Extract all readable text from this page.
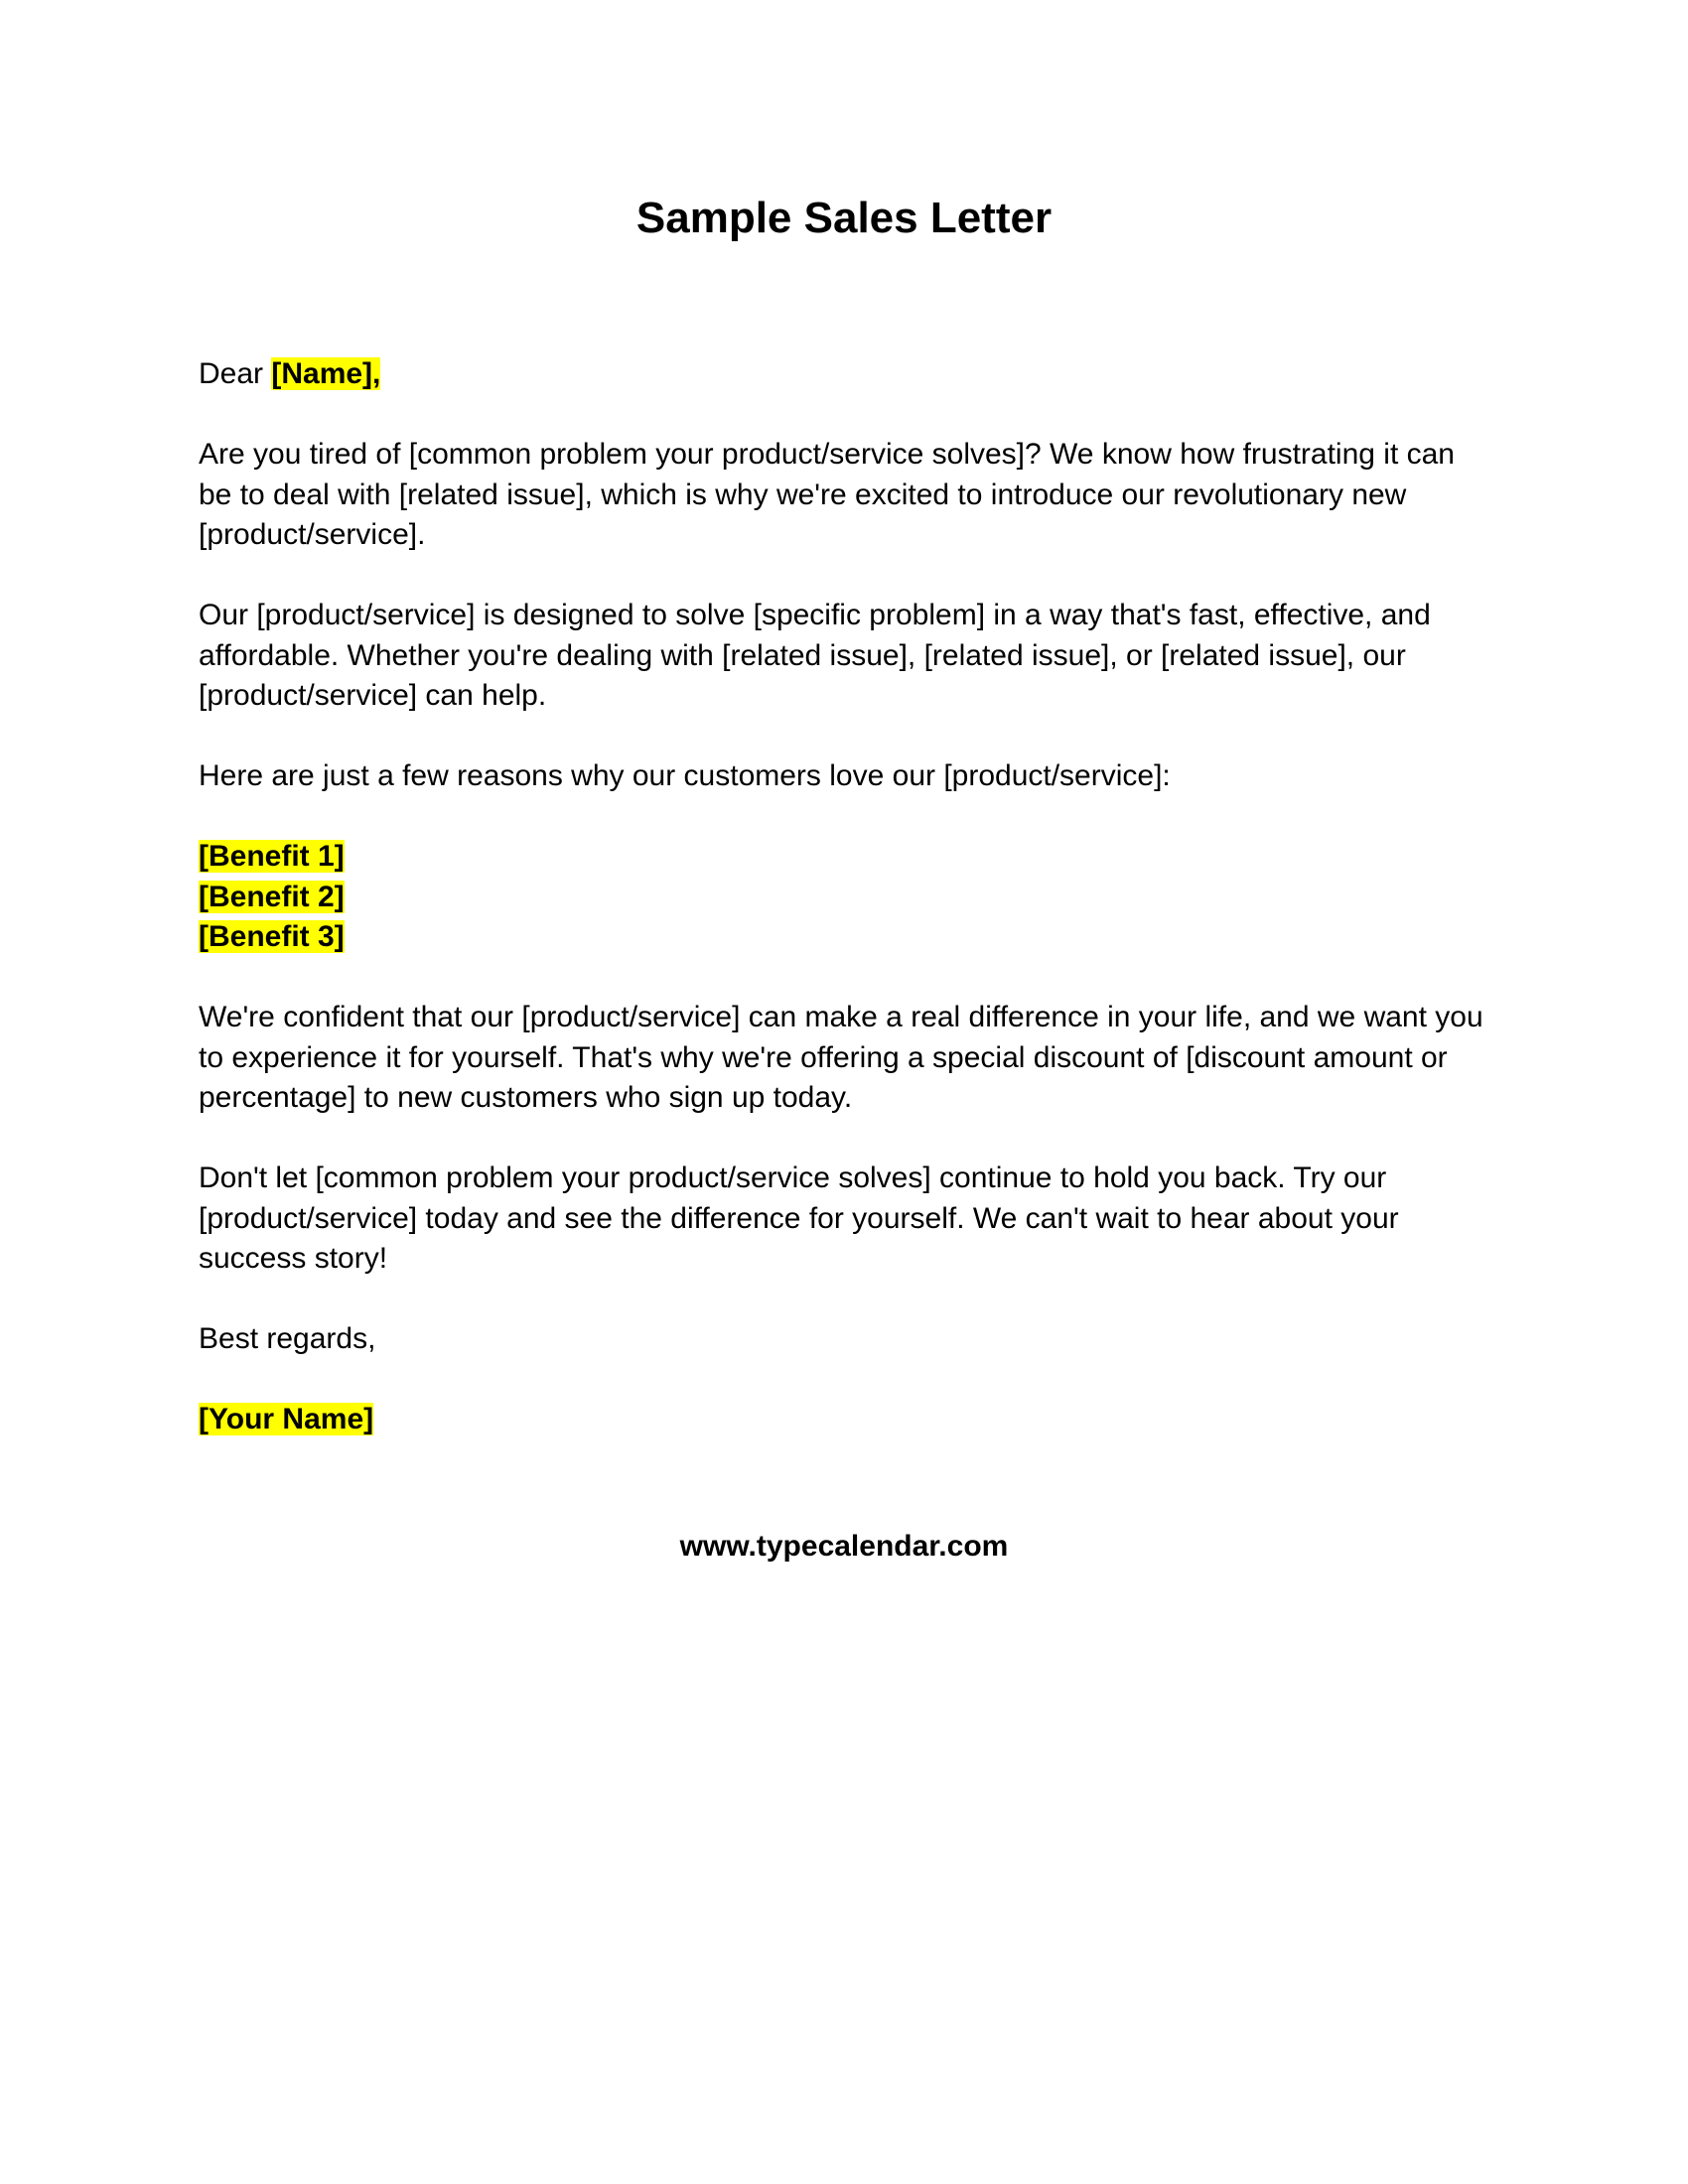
Sample Sales Letter

Dear [Name],

Are you tired of [common problem your product/service solves]? We know how frustrating it can be to deal with [related issue], which is why we're excited to introduce our revolutionary new [product/service].

Our [product/service] is designed to solve [specific problem] in a way that's fast, effective, and affordable. Whether you're dealing with [related issue], [related issue], or [related issue], our [product/service] can help.

Here are just a few reasons why our customers love our [product/service]:

[Benefit 1]
[Benefit 2]
[Benefit 3]

We're confident that our [product/service] can make a real difference in your life, and we want you to experience it for yourself. That's why we're offering a special discount of [discount amount or percentage] to new customers who sign up today.

Don't let [common problem your product/service solves] continue to hold you back. Try our [product/service] today and see the difference for yourself. We can't wait to hear about your success story!

Best regards,

[Your Name]

www.typecalendar.com
